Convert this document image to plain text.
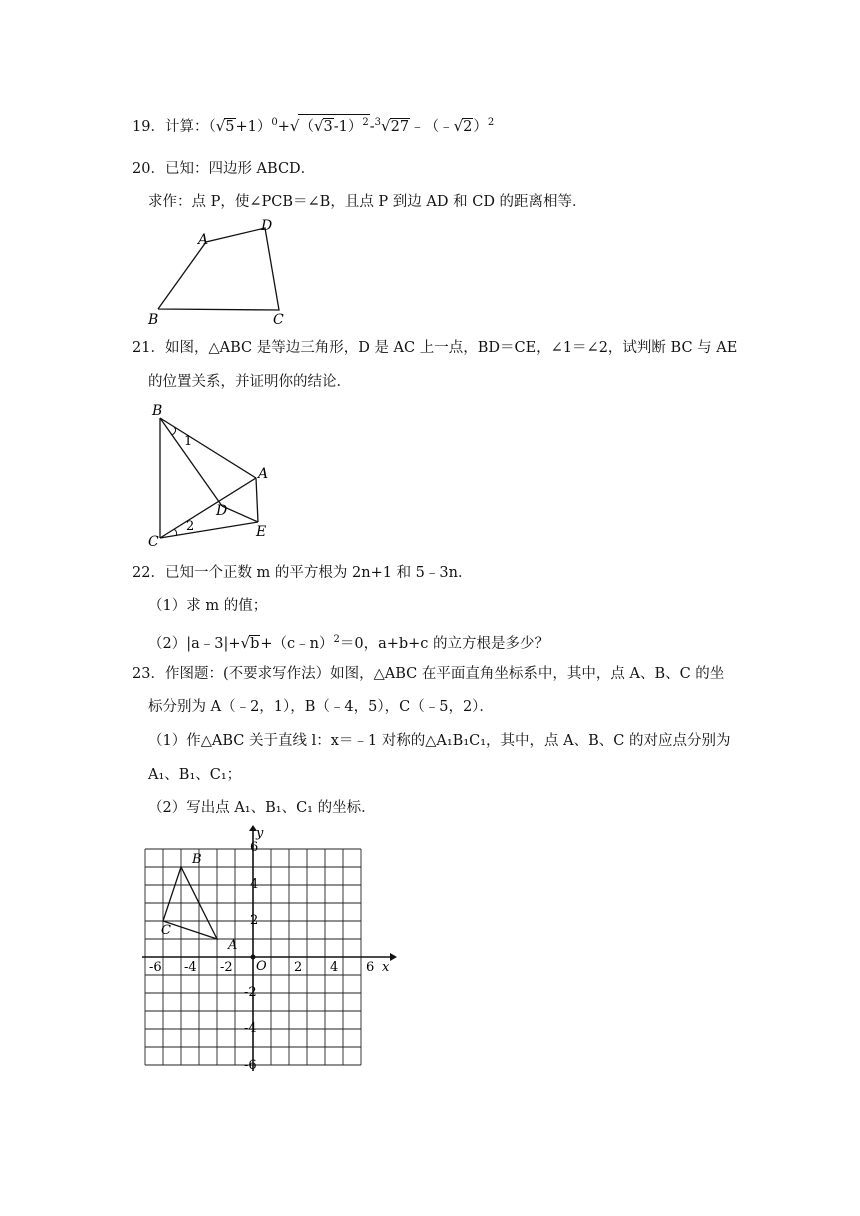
19．计算：$(√5+1)^0+√(√3-1)^2-^3√27﹣(﹣√2)^2$
20．已知：四边形 ABCD．
求作：点 P，使∠PCB＝∠B，且点 P 到边 AD 和 CD 的距离相等．
A
D
B	C
21．如图，△ABC 是等边三角形，D 是 AC 上一点，BD＝CE，∠1＝∠2，试判断 BC 与 AE
的位置关系，并证明你的结论．
B
A
C
E
D
1
2
22．已知一个正数 m 的平方根为 2n+1 和 5﹣3n．
（1）求 m 的值；
（2）|a﹣3|+√b+（c﹣n）$^2$＝0，a+b+c 的立方根是多少？
23．作图题：(不要求写作法）如图，△ABC 在平面直角坐标系中，其中，点 A、B、C 的坐
标分别为 A（﹣2，1），B（﹣4，5），C（﹣5，2）．
（1）作△ABC 关于直线 l：x＝﹣1 对称的△A₁B₁C₁，其中，点 A、B、C 的对应点分别为
A₁、B₁、C₁；
（2）写出点 A₁、B₁、C₁ 的坐标．
B
C
A
-6 -4 -2	2 4 6 x
O
6
4
2
-2
-4
-6
y
